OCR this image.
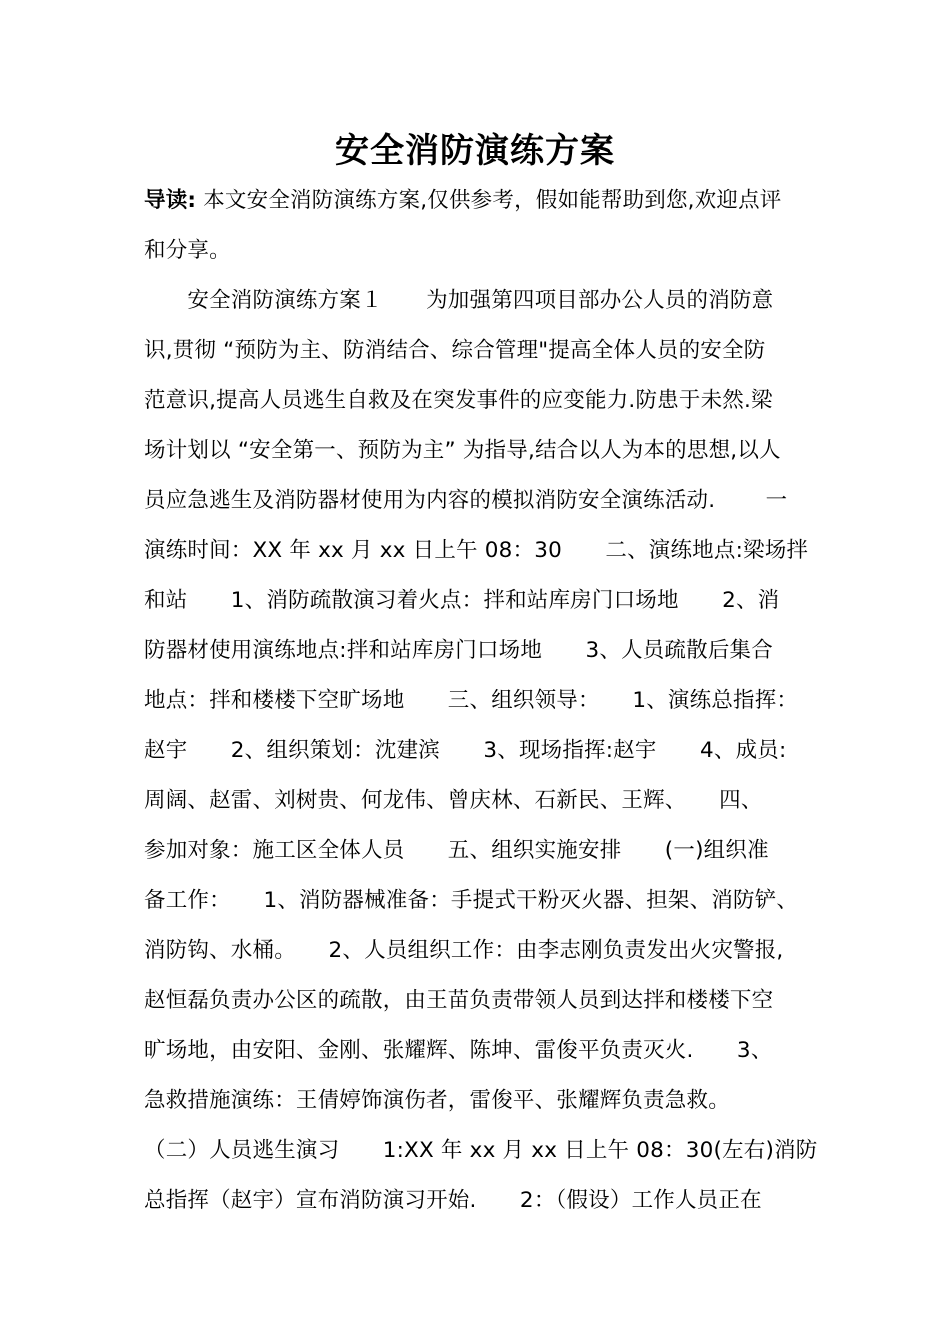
安全消防演练方案
导读: 本文安全消防演练方案,仅供参考，假如能帮助到您,欢迎点评
和分享。
　　安全消防演练方案１　　为加强第四项目部办公人员的消防意
识,贯彻 “预防为主、防消结合、综合管理"提高全体人员的安全防
范意识,提高人员逃生自救及在突发事件的应变能力.防患于未然.梁
场计划以 “安全第一、预防为主” 为指导,结合以人为本的思想,以人
员应急逃生及消防器材使用为内容的模拟消防安全演练活动. 　　一
演练时间：XX 年 xx 月 xx 日上午 08：30　　二、演练地点:梁场拌
和站　　1、消防疏散演习着火点：拌和站库房门口场地　　2、消
防器材使用演练地点:拌和站库房门口场地　　3、人员疏散后集合
地点：拌和楼楼下空旷场地　　三、组织领导：　　1、演练总指挥：
赵宇　　2、组织策划：沈建滨　　3、现场指挥:赵宇　　4、成员:
周阔、赵雷、刘树贵、何龙伟、曾庆林、石新民、王辉、　　四、
参加对象：施工区全体人员　　五、组织实施安排　　(一)组织准
备工作：　　1、消防器械准备：手提式干粉灭火器、担架、消防铲、
消防钩、水桶。　　2、人员组织工作：由李志刚负责发出火灾警报,
赵恒磊负责办公区的疏散，由王苗负责带领人员到达拌和楼楼下空
旷场地，由安阳、金刚、张耀辉、陈坤、雷俊平负责灭火.　　3、
急救措施演练：王倩婷饰演伤者，雷俊平、张耀辉负责急救。
（二）人员逃生演习　　1:XX 年 xx 月 xx 日上午 08：30(左右)消防
总指挥（赵宇）宣布消防演习开始.　　2：（假设）工作人员正在
